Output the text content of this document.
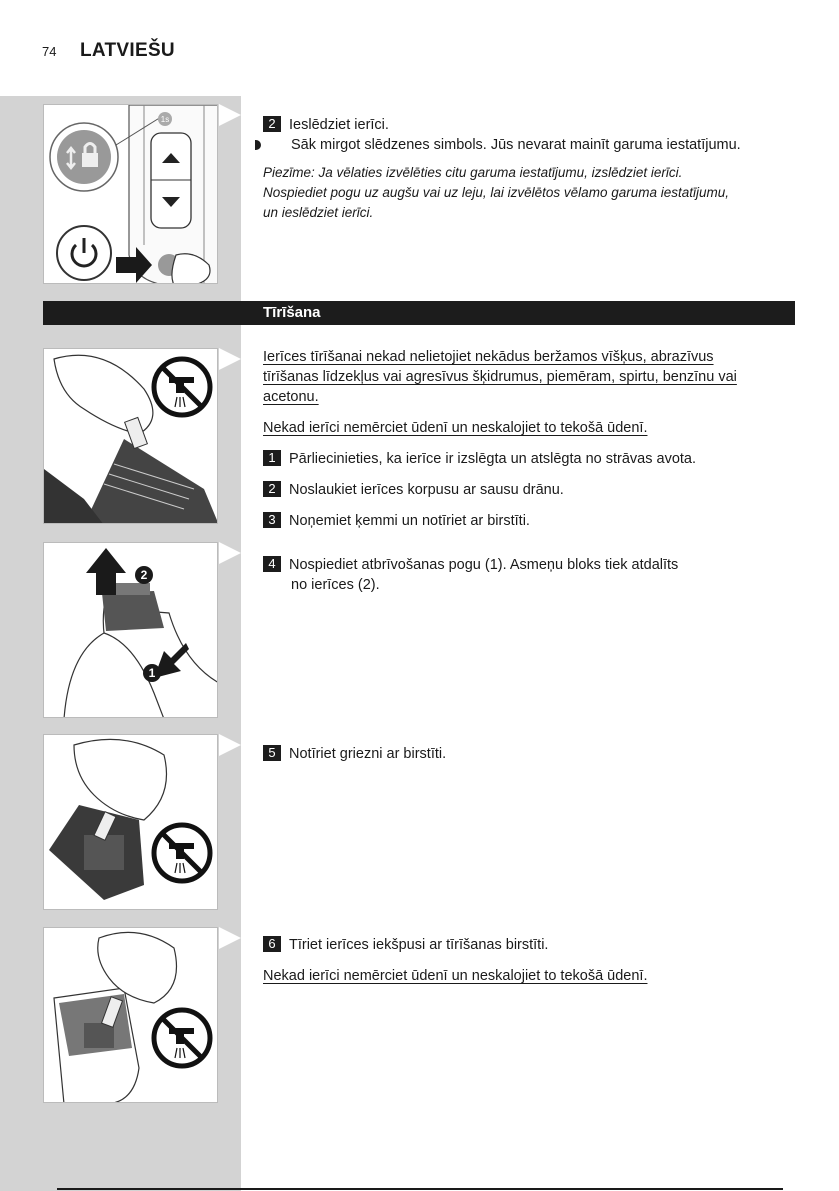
74 LATVIEŠU
1s	2 Ieslēdziet ierīci.
Sāk mirgot slēdzenes simbols. Jūs nevarat mainīt garuma iestatījumu.
Piezīme: Ja vēlaties izvēlēties citu garuma iestatījumu, izslēdziet ierīci.
Nospiediet pogu uz augšu vai uz leju, lai izvēlētos vēlamo garuma iestatījumu,
un ieslēdziet ierīci.
Tīrīšana
Ierīces tīrīšanai nekad nelietojiet nekādus beržamos vīšķus, abrazīvus
tīrīšanas līdzekļus vai agresīvus šķidrumus, piemēram, spirtu, benzīnu vai
acetonu.
Nekad ierīci nemērciet ūdenī un neskalojiet to tekošā ūdenī.
1 Pārliecinieties, ka ierīce ir izslēgta un atslēgta no strāvas avota.
2 Noslaukiet ierīces korpusu ar sausu drānu.
3 Noņemiet ķemmi un notīriet ar birstīti.
2
1
4 Nospiediet atbrīvošanas pogu (1). Asmeņu bloks tiek atdalīts
no ierīces (2).
5 Notīriet griezni ar birstīti.
6 Tīriet ierīces iekšpusi ar tīrīšanas birstīti.
Nekad ierīci nemērciet ūdenī un neskalojiet to tekošā ūdenī.
